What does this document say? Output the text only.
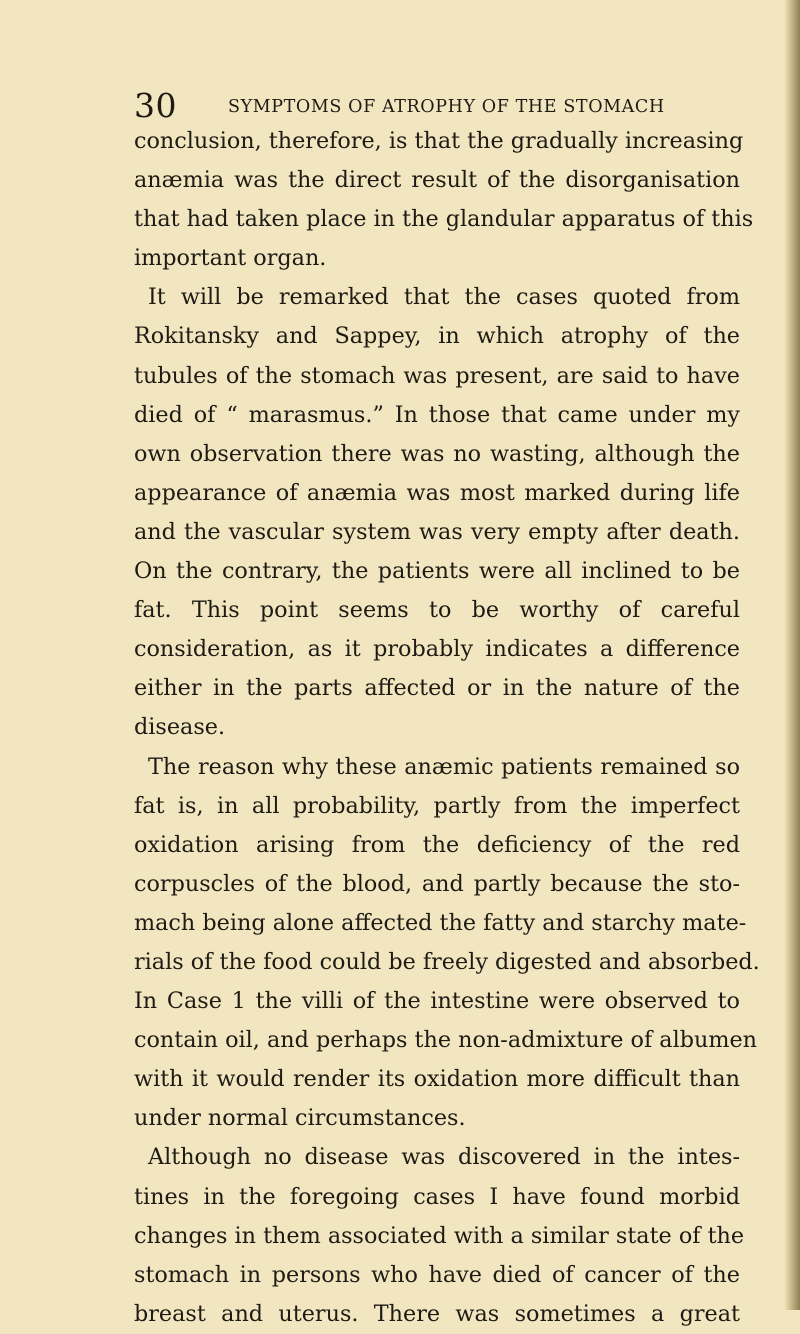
30	SYMPTOMS OF ATROPHY OF THE STOMACH
conclusion, therefore, is that the gradually increasing
anæmia was the direct result of the disorganisation
that had taken place in the glandular apparatus of this
important organ.
It will be remarked that the cases quoted from
Rokitansky and Sappey, in which atrophy of the
tubules of the stomach was present, are said to have
died of “ marasmus.” In those that came under my
own observation there was no wasting, although the
appearance of anæmia was most marked during life
and the vascular system was very empty after death.
On the contrary, the patients were all inclined to be
fat. This point seems to be worthy of careful
consideration, as it probably indicates a difference
either in the parts affected or in the nature of the
disease.
The reason why these anæmic patients remained so
fat is, in all probability, partly from the imperfect
oxidation arising from the deficiency of the red
corpuscles of the blood, and partly because the sto-
mach being alone affected the fatty and starchy mate-
rials of the food could be freely digested and absorbed.
In Case 1 the villi of the intestine were observed to
contain oil, and perhaps the non-admixture of albumen
with it would render its oxidation more difficult than
under normal circumstances.
Although no disease was discovered in the intes-
tines in the foregoing cases I have found morbid
changes in them associated with a similar state of the
stomach in persons who have died of cancer of the
breast and uterus. There was sometimes a great
